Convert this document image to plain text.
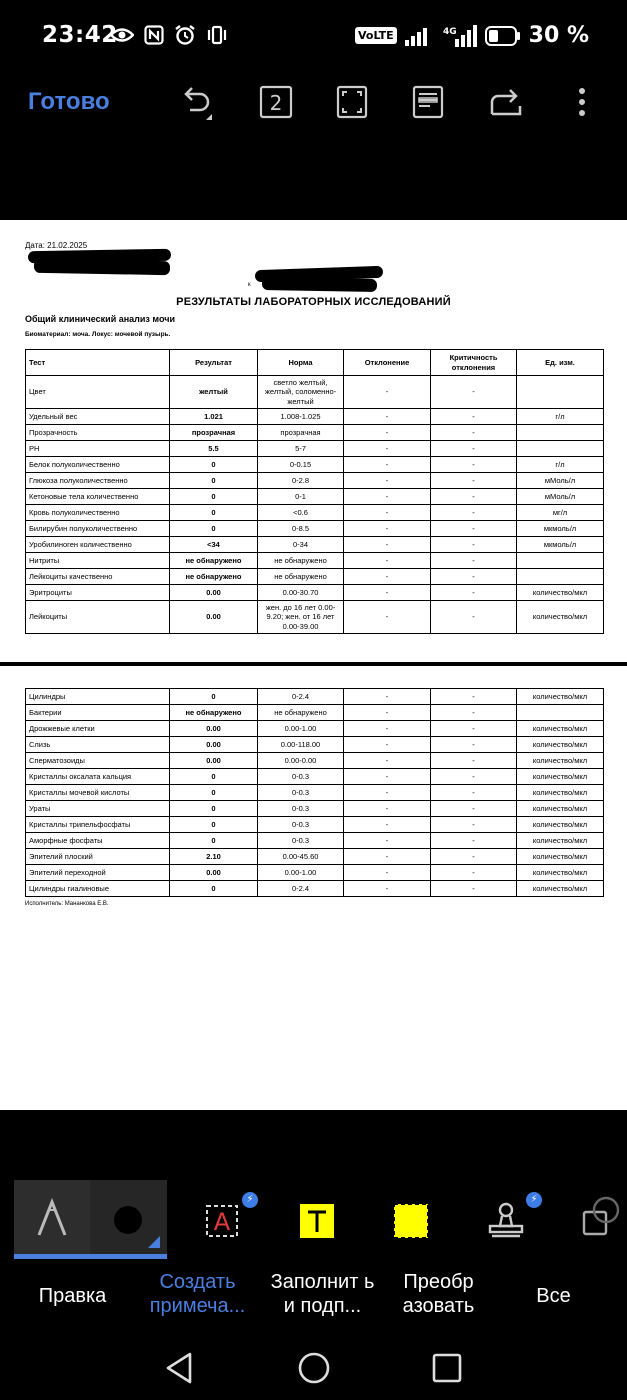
23:42	VoLTE	4G	30 %
Готово	2
Дата: 21.02.2025
к
РЕЗУЛЬТАТЫ ЛАБОРАТОРНЫХ ИССЛЕДОВАНИЙ
Общий клинический анализ мочи
Биоматериал: моча. Локус: мочевой пузырь.
Тест	Результат	Норма	Отклонение	Критичность отклонения	Ед. изм.
Цвет	желтый	светло желтый, желтый, соломенно-желтый	-	-	
Удельный вес	1.021	1.008-1.025	-	-	г/л
Прозрачность	прозрачная	прозрачная	-	-	
PH	5.5	5-7	-	-	
Белок полуколичественно	0	0-0.15	-	-	г/л
Глюкоза полуколичественно	0	0-2.8	-	-	мМоль/л
Кетоновые тела количественно	0	0-1	-	-	мМоль/л
Кровь полуколичественно	0	<0.6	-	-	мг/л
Билирубин полуколичественно	0	0-8.5	-	-	мкмоль/л
Уробилиноген количественно	<34	0-34	-	-	мкмоль/л
Нитриты	не обнаружено	не обнаружено	-	-	
Лейкоциты качественно	не обнаружено	не обнаружено	-	-	
Эритроциты	0.00	0.00-30.70	-	-	количество/мкл
Лейкоциты	0.00	жен. до 16 лет 0.00-9.20; жен. от 16 лет 0.00-39.00	-	-	количество/мкл
Цилиндры	0	0-2.4	-	-	количество/мкл
Бактерии	не обнаружено	не обнаружено	-	-	
Дрожжевые клетки	0.00	0.00-1.00	-	-	количество/мкл
Слизь	0.00	0.00-118.00	-	-	количество/мкл
Сперматозоиды	0.00	0.00-0.00	-	-	количество/мкл
Кристаллы оксалата кальция	0	0-0.3	-	-	количество/мкл
Кристаллы мочевой кислоты	0	0-0.3	-	-	количество/мкл
Ураты	0	0-0.3	-	-	количество/мкл
Кристаллы трипельфосфаты	0	0-0.3	-	-	количество/мкл
Аморфные фосфаты	0	0-0.3	-	-	количество/мкл
Эпителий плоский	2.10	0.00-45.60	-	-	количество/мкл
Эпителий переходной	0.00	0.00-1.00	-	-	количество/мкл
Цилиндры гиалиновые	0	0-2.4	-	-	количество/мкл
Исполнитель: Мананкова Е.В.
A
⚡	⚡
Правка
Создать
примеча...
Заполнит ь
и подп...
Преобр
азовать	Все
